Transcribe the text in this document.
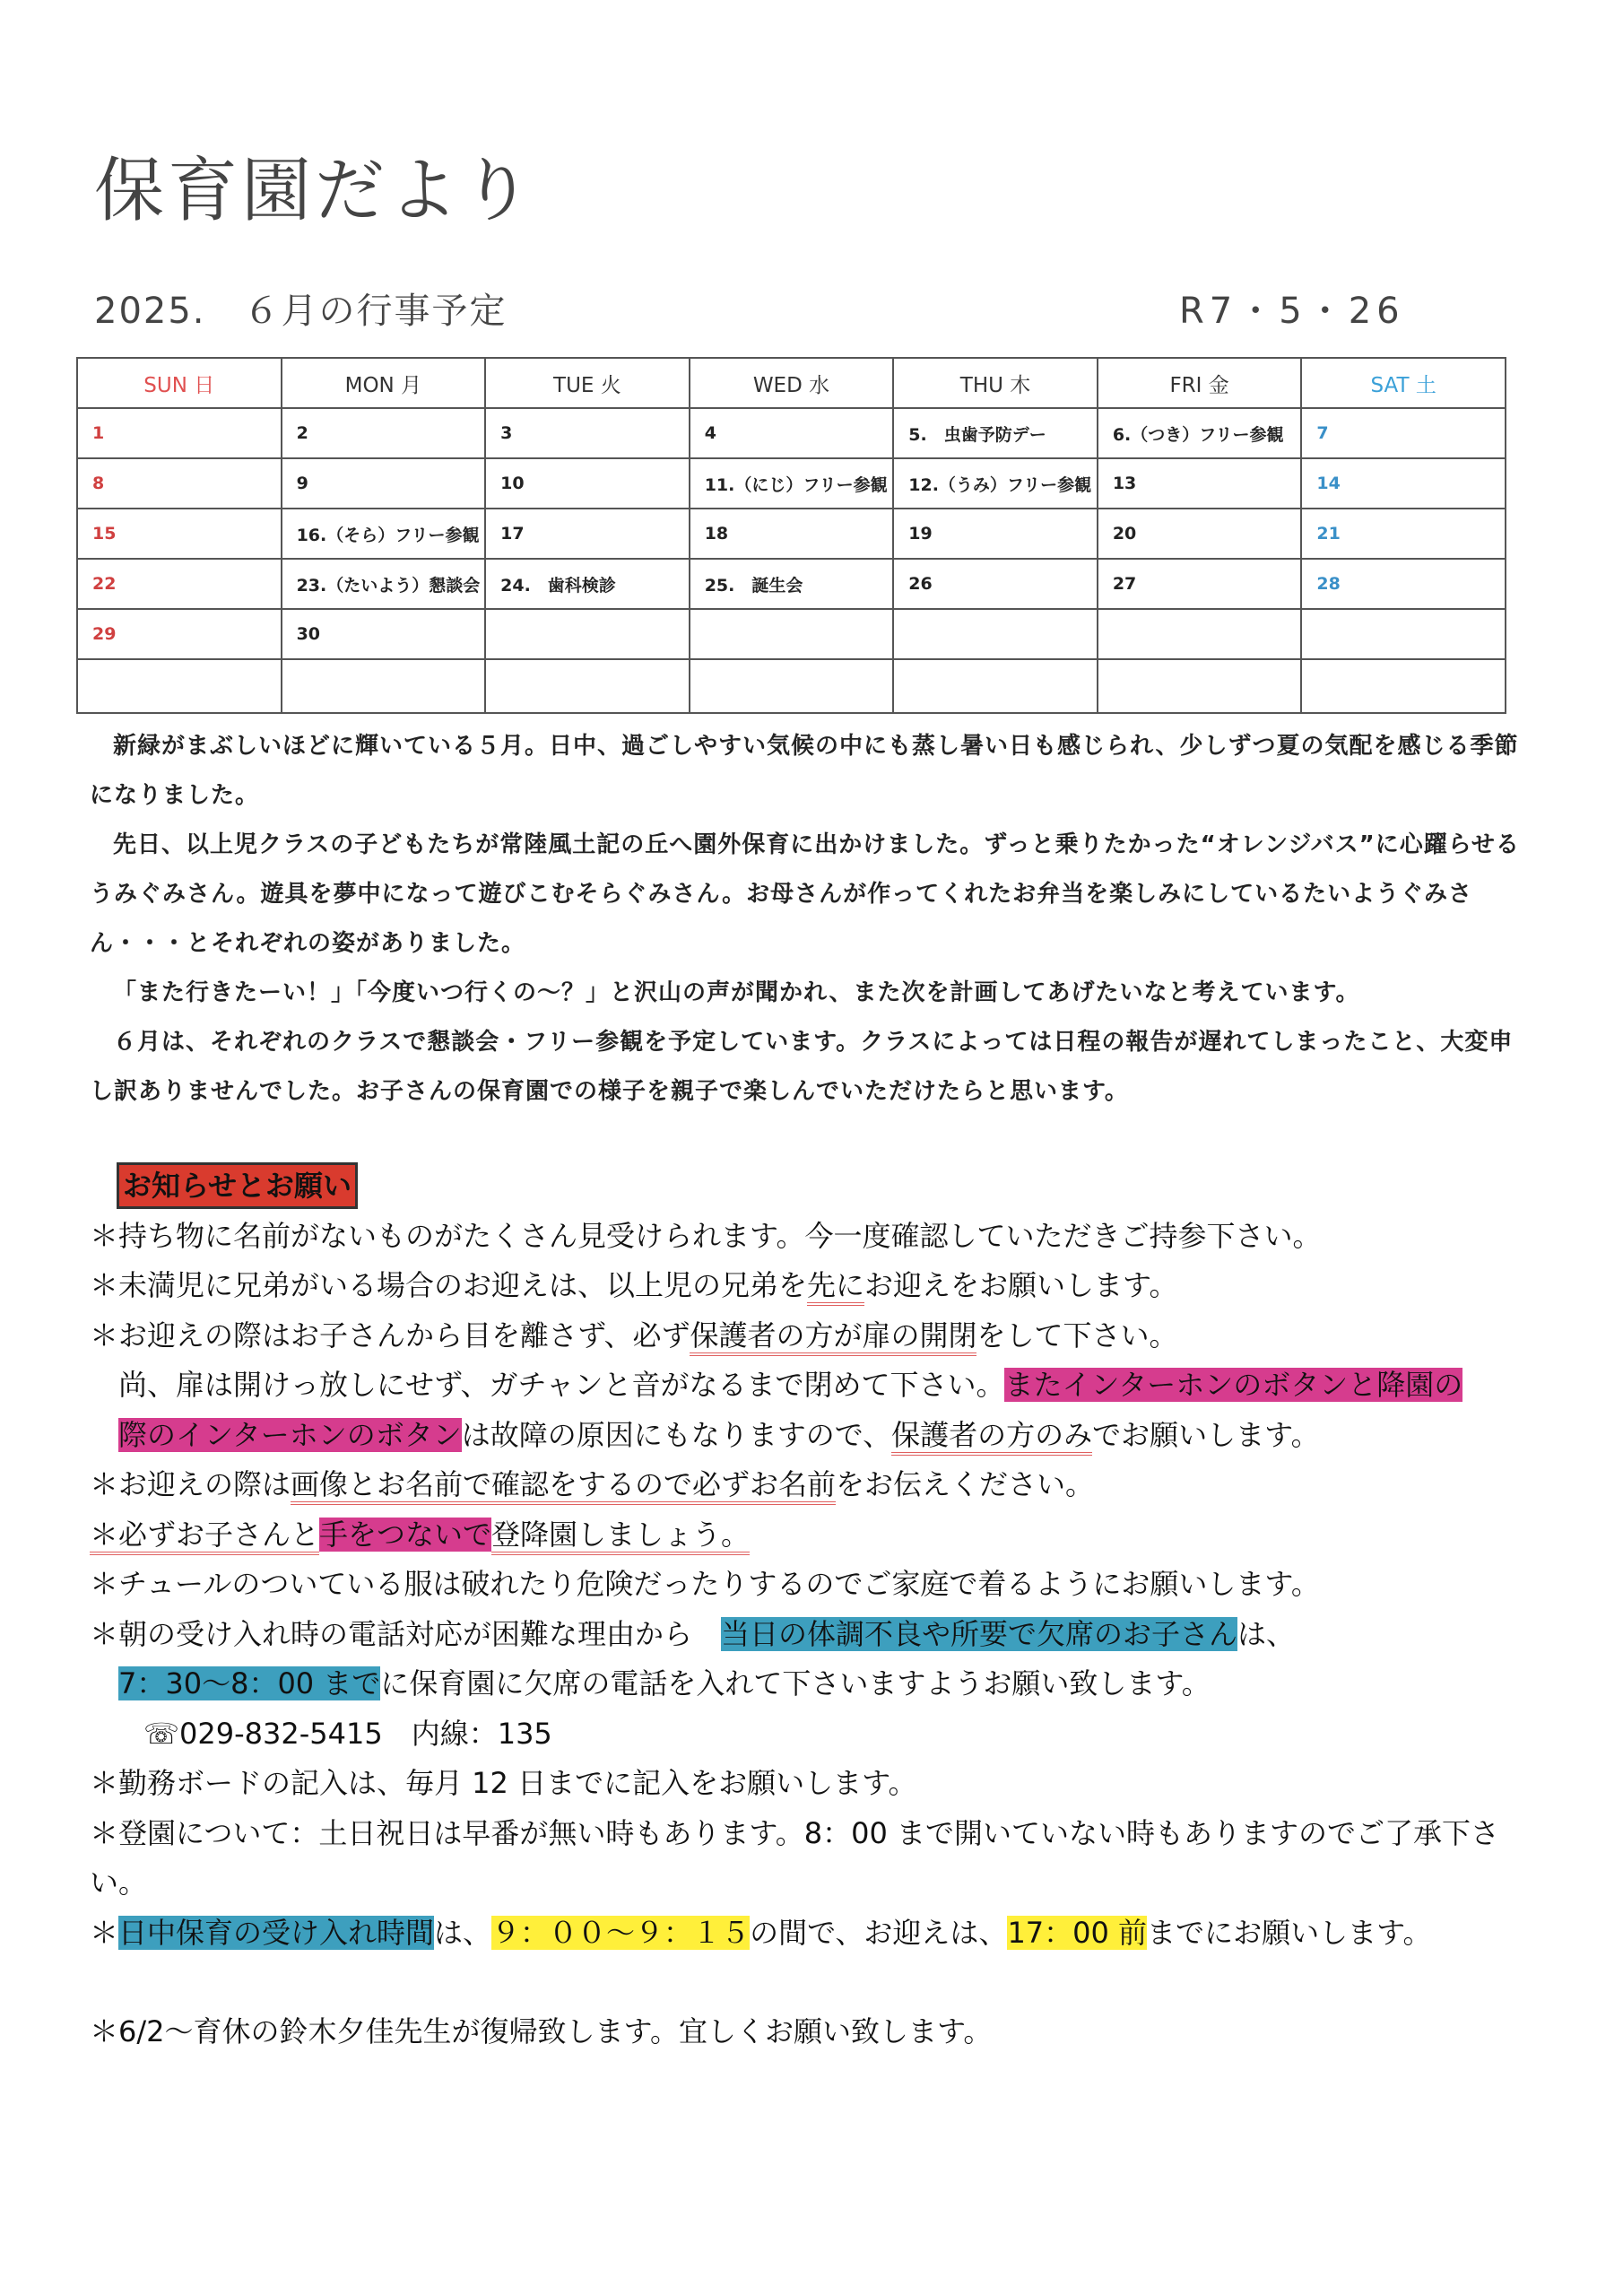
保育園だより
2025.　６月の行事予定	R7・5・26
SUN 日	MON 月	TUE 火	WED 水	THU 木	FRI 金	SAT 土
1	2	3	4	5.　虫歯予防デー	6.（つき）フリー参観	7
8	9	10	11.（にじ）フリー参観	12.（うみ）フリー参観	13	14
15	16.（そら）フリー参観	17	18	19	20	21
22	23.（たいよう）懇談会	24.　歯科検診	25.　誕生会	26	27	28
29	30					

新緑がまぶしいほどに輝いている５月。日中、過ごしやすい気候の中にも蒸し暑い日も感じられ、少しずつ夏の気配を感じる季節になりました。

先日、以上児クラスの子どもたちが常陸風土記の丘へ園外保育に出かけました。ずっと乗りたかった“オレンジバス”に心躍らせるうみぐみさん。遊具を夢中になって遊びこむそらぐみさん。お母さんが作ってくれたお弁当を楽しみにしているたいようぐみさん・・・とそれぞれの姿がありました。

「また行きたーい！」「今度いつ行くの～？」と沢山の声が聞かれ、また次を計画してあげたいなと考えています。

６月は、それぞれのクラスで懇談会・フリー参観を予定しています。クラスによっては日程の報告が遅れてしまったこと、大変申し訳ありませんでした。お子さんの保育園での様子を親子で楽しんでいただけたらと思います。

お知らせとお願い

＊持ち物に名前がないものがたくさん見受けられます。今一度確認していただきご持参下さい。

＊未満児に兄弟がいる場合のお迎えは、以上児の兄弟を先にお迎えをお願いします。

＊お迎えの際はお子さんから目を離さず、必ず保護者の方が扉の開閉をして下さい。

尚、扉は開けっ放しにせず、ガチャンと音がなるまで閉めて下さい。またインターホンのボタンと降園の
際のインターホンのボタンは故障の原因にもなりますので、保護者の方のみでお願いします。

＊お迎えの際は画像とお名前で確認をするので必ずお名前をお伝えください。

＊必ずお子さんと手をつないで登降園しましょう。

＊チュールのついている服は破れたり危険だったりするのでご家庭で着るようにお願いします。

＊朝の受け入れ時の電話対応が困難な理由から　当日の体調不良や所要で欠席のお子さんは、

7：30～8：00 までに保育園に欠席の電話を入れて下さいますようお願い致します。

☏029-832-5415　内線：135

＊勤務ボードの記入は、毎月 12 日までに記入をお願いします。

＊登園について：土日祝日は早番が無い時もあります。8：00 まで開いていない時もありますのでご了承下さい。

＊日中保育の受け入れ時間は、９：００～９：１５の間で、お迎えは、17：00 前までにお願いします。

＊6/2～育休の鈴木夕佳先生が復帰致します。宜しくお願い致します。
